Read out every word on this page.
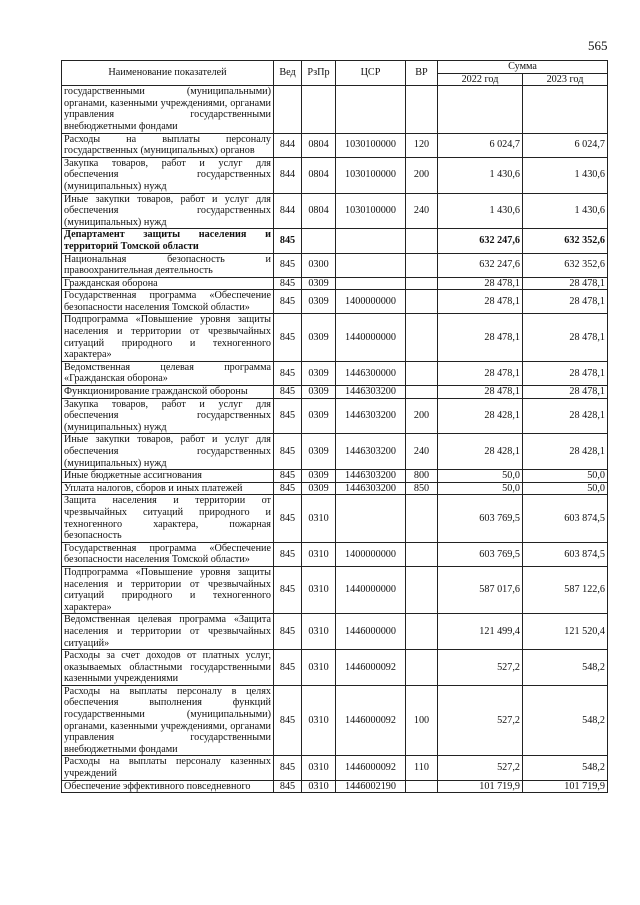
565
Наименование показателей	Вед	РзПр	ЦСР	ВР	Сумма	
					2022 год	2023 год
государственными (муниципальными) органами, казенными учреждениями, органами управления государственными внебюджетными фондами						
Расходы на выплаты персоналу государственных (муниципальных) органов	844	0804	1030100000	120	6 024,7	6 024,7
Закупка товаров, работ и услуг для обеспечения государственных (муниципальных) нужд	844	0804	1030100000	200	1 430,6	1 430,6
Иные закупки товаров, работ и услуг для обеспечения государственных (муниципальных) нужд	844	0804	1030100000	240	1 430,6	1 430,6
Департамент защиты населения и территорий Томской области	845				632 247,6	632 352,6
Национальная безопасность и правоохранительная деятельность	845	0300			632 247,6	632 352,6
Гражданская оборона	845	0309			28 478,1	28 478,1
Государственная программа «Обеспечение безопасности населения Томской области»	845	0309	1400000000		28 478,1	28 478,1
Подпрограмма «Повышение уровня защиты населения и территории от чрезвычайных ситуаций природного и техногенного характера»	845	0309	1440000000		28 478,1	28 478,1
Ведомственная целевая программа «Гражданская оборона»	845	0309	1446300000		28 478,1	28 478,1
Функционирование гражданской обороны	845	0309	1446303200		28 478,1	28 478,1
Закупка товаров, работ и услуг для обеспечения государственных (муниципальных) нужд	845	0309	1446303200	200	28 428,1	28 428,1
Иные закупки товаров, работ и услуг для обеспечения государственных (муниципальных) нужд	845	0309	1446303200	240	28 428,1	28 428,1
Иные бюджетные ассигнования	845	0309	1446303200	800	50,0	50,0
Уплата налогов, сборов и иных платежей	845	0309	1446303200	850	50,0	50,0
Защита населения и территории от чрезвычайных ситуаций природного и техногенного характера, пожарная безопасность	845	0310			603 769,5	603 874,5
Государственная программа «Обеспечение безопасности населения Томской области»	845	0310	1400000000		603 769,5	603 874,5
Подпрограмма «Повышение уровня защиты населения и территории от чрезвычайных ситуаций природного и техногенного характера»	845	0310	1440000000		587 017,6	587 122,6
Ведомственная целевая программа «Защита населения и территории от чрезвычайных ситуаций»	845	0310	1446000000		121 499,4	121 520,4
Расходы за счет доходов от платных услуг, оказываемых областными государственными казенными учреждениями	845	0310	1446000092		527,2	548,2
Расходы на выплаты персоналу в целях обеспечения выполнения функций государственными (муниципальными) органами, казенными учреждениями, органами управления государственными внебюджетными фондами	845	0310	1446000092	100	527,2	548,2
Расходы на выплаты персоналу казенных учреждений	845	0310	1446000092	110	527,2	548,2
Обеспечение эффективного повседневного	845	0310	1446002190		101 719,9	101 719,9
